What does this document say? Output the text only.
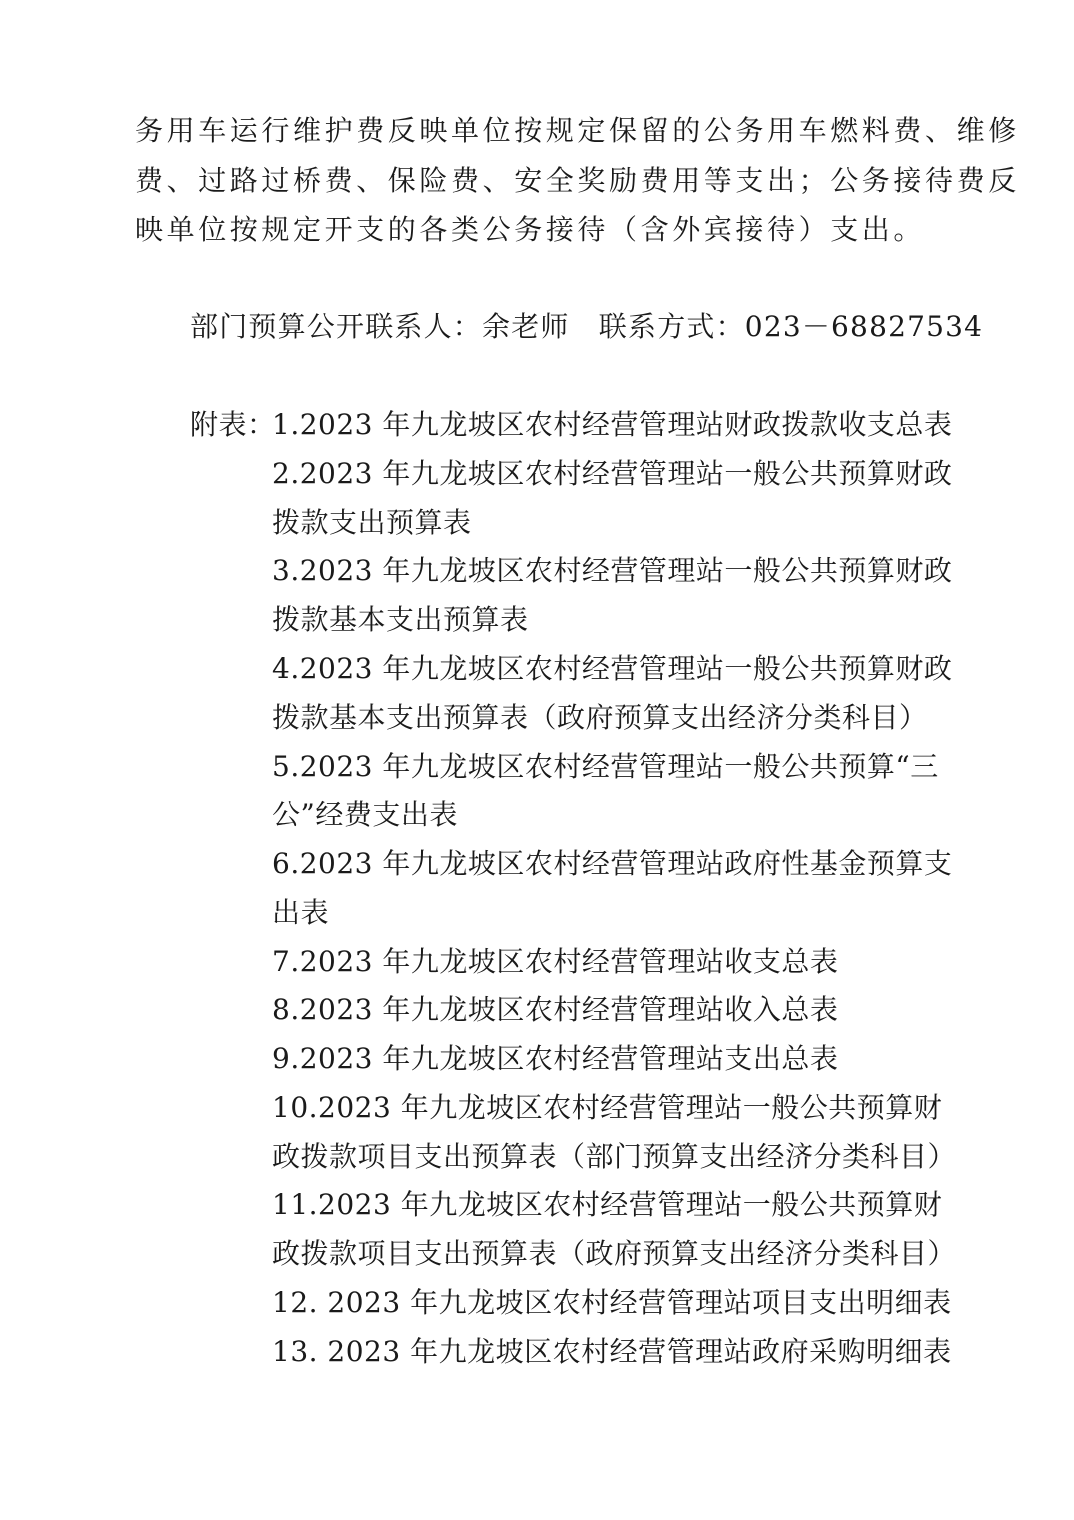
务用车运行维护费反映单位按规定保留的公务用车燃料费、维修
费、过路过桥费、保险费、安全奖励费用等支出；公务接待费反
映单位按规定开支的各类公务接待（含外宾接待）支出。
部门预算公开联系人：余老师　联系方式：023－68827534
附表：
1.2023 年九龙坡区农村经营管理站财政拨款收支总表
2.2023 年九龙坡区农村经营管理站一般公共预算财政
拨款支出预算表
3.2023 年九龙坡区农村经营管理站一般公共预算财政
拨款基本支出预算表
4.2023 年九龙坡区农村经营管理站一般公共预算财政
拨款基本支出预算表（政府预算支出经济分类科目）
5.2023 年九龙坡区农村经营管理站一般公共预算“三
公”经费支出表
6.2023 年九龙坡区农村经营管理站政府性基金预算支
出表
7.2023 年九龙坡区农村经营管理站收支总表
8.2023 年九龙坡区农村经营管理站收入总表
9.2023 年九龙坡区农村经营管理站支出总表
10.2023 年九龙坡区农村经营管理站一般公共预算财
政拨款项目支出预算表（部门预算支出经济分类科目）
11.2023 年九龙坡区农村经营管理站一般公共预算财
政拨款项目支出预算表（政府预算支出经济分类科目）
12. 2023 年九龙坡区农村经营管理站项目支出明细表
13. 2023 年九龙坡区农村经营管理站政府采购明细表
